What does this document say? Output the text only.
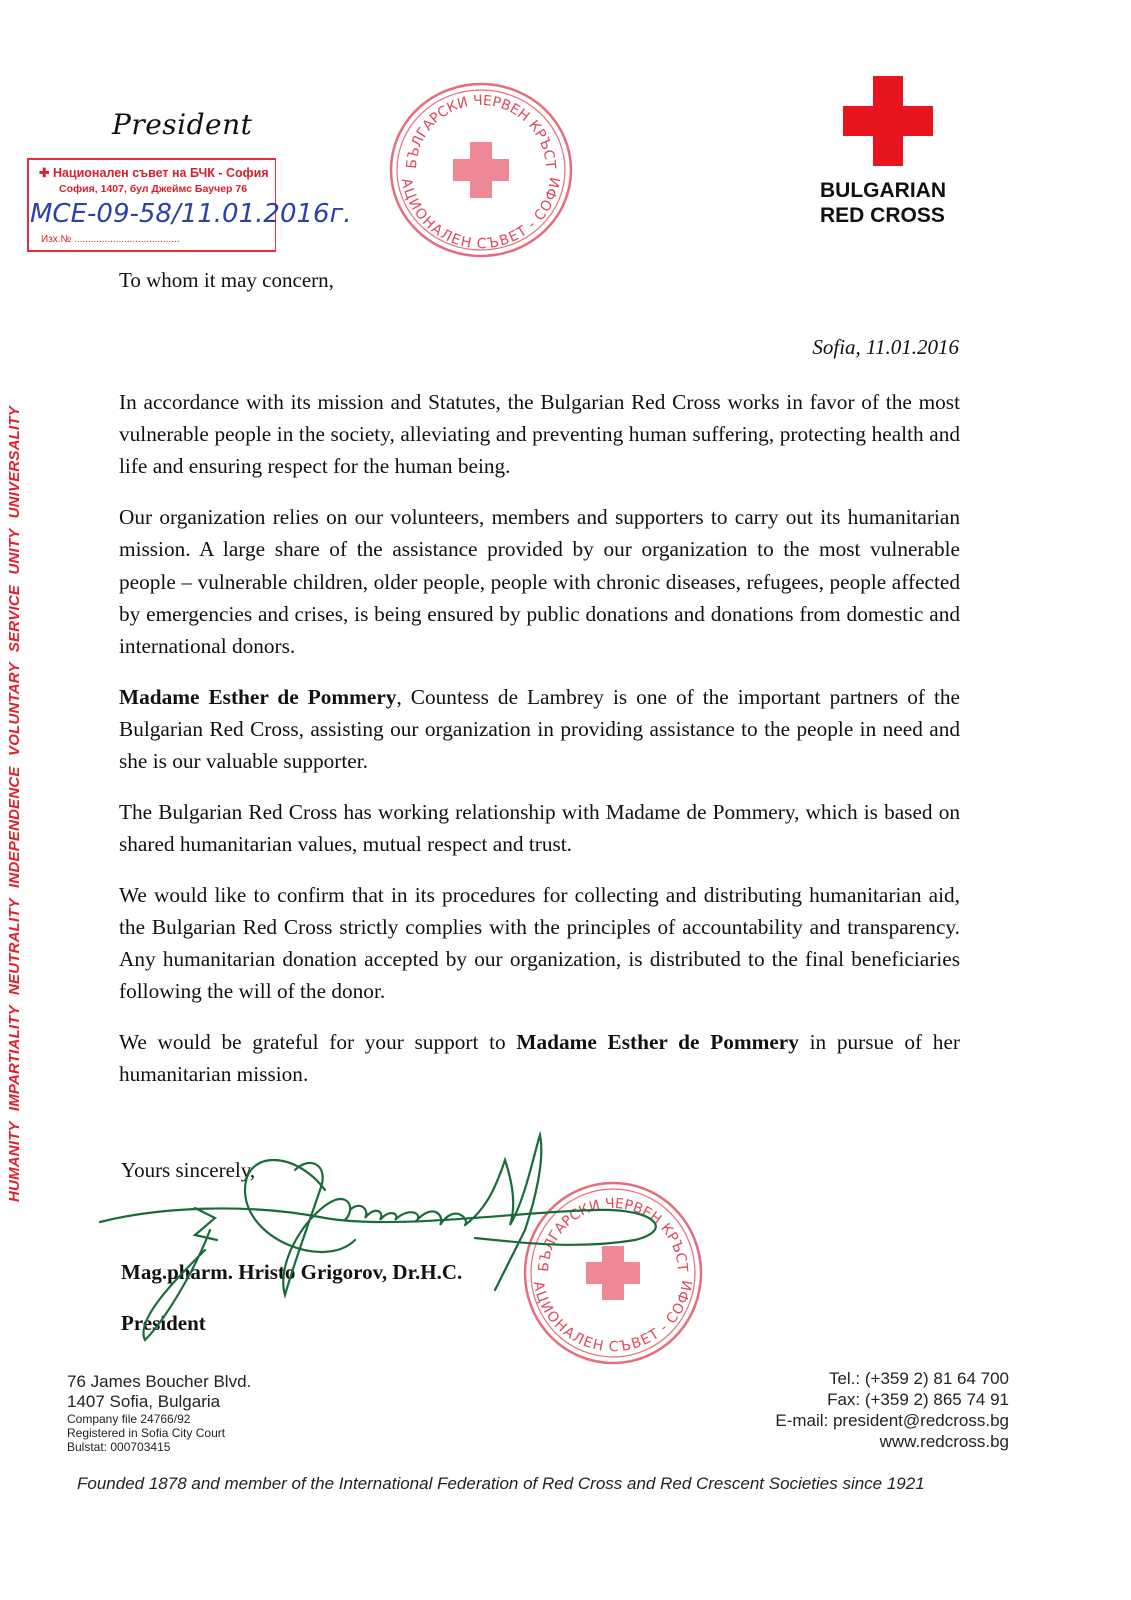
President
✚ Национален съвет на БЧК - София
София, 1407, бул Джеймс Баучер 76
Изх.№ ......................................
MCE-09-58/11.01.2016г.
БЪЛГАРСКИ ЧЕРВЕН КРЪСТ
НАЦИОНАЛЕН СЪВЕТ - СОФИЯ
BULGARIAN
RED CROSS
HUMANITY IMPARTIALITY NEUTRALITY INDEPENDENCE VOLUNTARY SERVICE UNITY UNIVERSALITY
To whom it may concern,
Sofia, 11.01.2016

In accordance with its mission and Statutes, the Bulgarian Red Cross works in favor of the most vulnerable people in the society, alleviating and preventing human suffering, protecting health and life and ensuring respect for the human being.

Our organization relies on our volunteers, members and supporters to carry out its humanitarian mission. A large share of the assistance provided by our organization to the most vulnerable people – vulnerable children, older people, people with chronic diseases, refugees, people affected by emergencies and crises, is being ensured by public donations and donations from domestic and international donors.

Madame Esther de Pommery, Countess de Lambrey is one of the important partners of the Bulgarian Red Cross, assisting our organization in providing assistance to the people in need and she is our valuable supporter.

The Bulgarian Red Cross has working relationship with Madame de Pommery, which is based on shared humanitarian values, mutual respect and trust.

We would like to confirm that in its procedures for collecting and distributing humanitarian aid, the Bulgarian Red Cross strictly complies with the principles of accountability and transparency. Any humanitarian donation accepted by our organization, is distributed to the final beneficiaries following the will of the donor.

We would be grateful for your support to Madame Esther de Pommery in pursue of her humanitarian mission.

Yours sincerely,
Mag.pharm. Hristo Grigorov, Dr.H.C.
President
БЪЛГАРСКИ ЧЕРВЕН КРЪСТ
НАЦИОНАЛЕН СЪВЕТ - СОФИЯ
76 James Boucher Blvd.
1407 Sofia, Bulgaria
Company file 24766/92
Registered in Sofia City Court
Bulstat: 000703415
Tel.: (+359 2) 81 64 700
Fax: (+359 2) 865 74 91
E-mail: president@redcross.bg
www.redcross.bg
Founded 1878 and member of the International Federation of Red Cross and Red Crescent Societies since 1921
